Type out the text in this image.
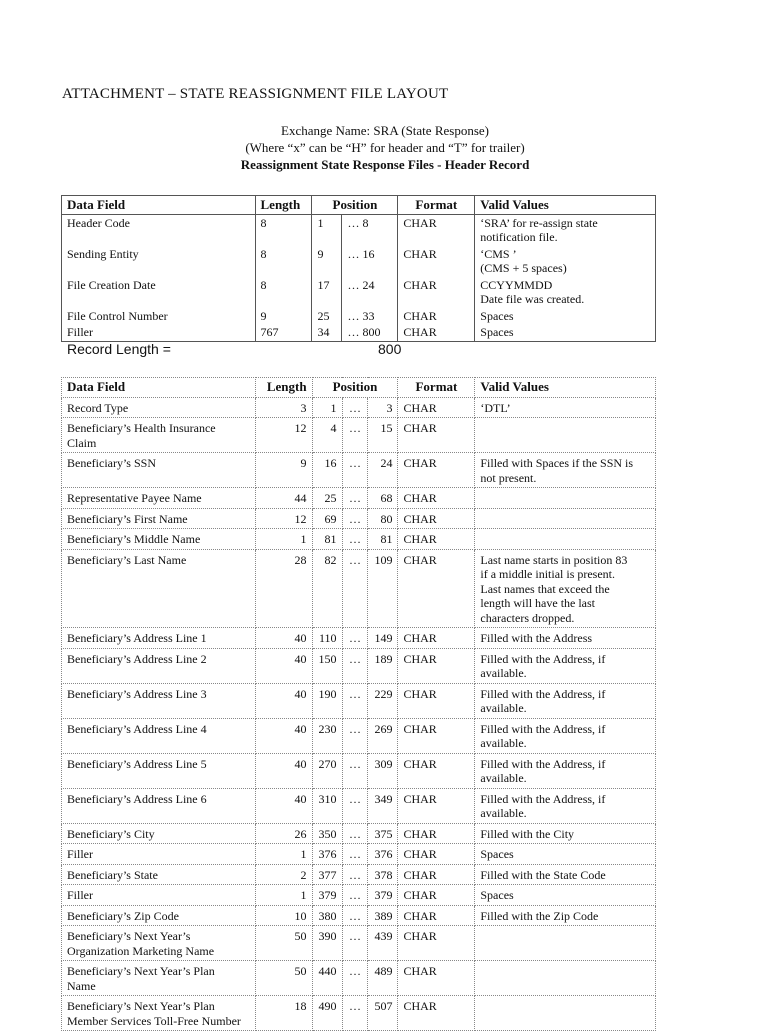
ATTACHMENT – STATE REASSIGNMENT FILE LAYOUT
Exchange Name: SRA (State Response)
(Where “x” can be “H” for header and “T” for trailer)
Reassignment State Response Files - Header Record
Data Field	Length	Position		Format	Valid Values
Header Code	8	1	… 8	CHAR	‘SRA’ for re-assign state
notification file.

Sending Entity	8	9	… 16	CHAR	‘CMS ’
(CMS + 5 spaces)

File Creation Date	8	17	… 24	CHAR	CCYYMMDD
Date file was created.

File Control Number	9	25	… 33	CHAR	Spaces

Filler	767	34	… 800	CHAR	Spaces
Record Length =	800
Data Field	Length	Position			Format	Valid Values

Record Type	3	1	…	3	CHAR	‘DTL’

Beneficiary’s Health Insurance
Claim	12	4	…	15	CHAR	

Beneficiary’s SSN	9	16	…	24	CHAR	Filled with Spaces if the SSN is
not present.

Representative Payee Name	44	25	…	68	CHAR	

Beneficiary’s First Name	12	69	…	80	CHAR	

Beneficiary’s Middle Name	1	81	…	81	CHAR	

Beneficiary’s Last Name	28	82	…	109	CHAR	Last name starts in position 83
if a middle initial is present.
Last names that exceed the
length will have the last
characters dropped.

Beneficiary’s Address Line 1	40	110	…	149	CHAR	Filled with the Address

Beneficiary’s Address Line 2	40	150	…	189	CHAR	Filled with the Address, if
available.

Beneficiary’s Address Line 3	40	190	…	229	CHAR	Filled with the Address, if
available.

Beneficiary’s Address Line 4	40	230	…	269	CHAR	Filled with the Address, if
available.

Beneficiary’s Address Line 5	40	270	…	309	CHAR	Filled with the Address, if
available.

Beneficiary’s Address Line 6	40	310	…	349	CHAR	Filled with the Address, if
available.

Beneficiary’s City	26	350	…	375	CHAR	Filled with the City

Filler	1	376	…	376	CHAR	Spaces

Beneficiary’s State	2	377	…	378	CHAR	Filled with the State Code

Filler	1	379	…	379	CHAR	Spaces

Beneficiary’s Zip Code	10	380	…	389	CHAR	Filled with the Zip Code

Beneficiary’s Next Year’s
Organization Marketing Name	50	390	…	439	CHAR	

Beneficiary’s Next Year’s Plan
Name	50	440	…	489	CHAR	

Beneficiary’s Next Year’s Plan
Member Services Toll-Free Number	18	490	…	507	CHAR	
